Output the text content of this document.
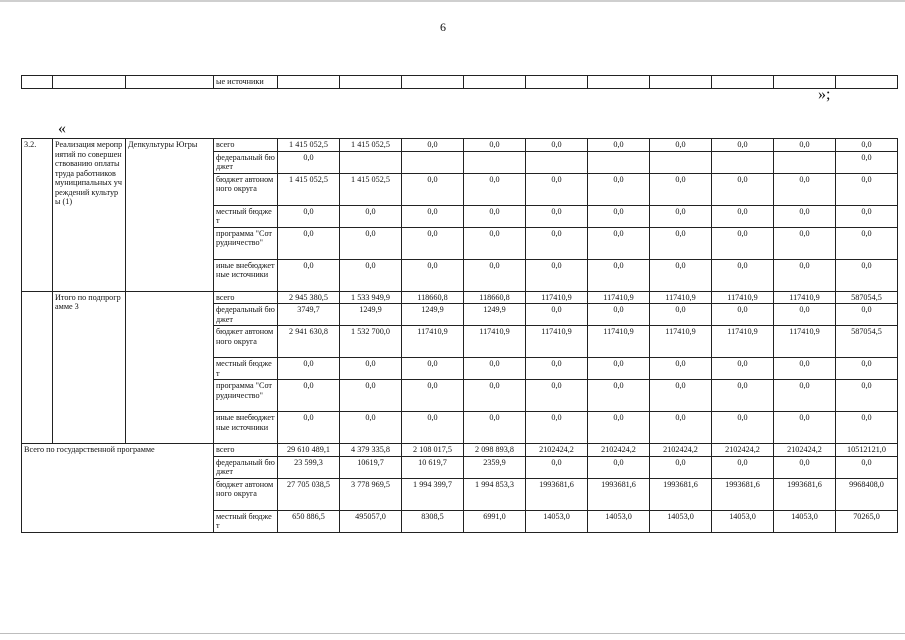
6
			ые источники										
»;
«
3.2.	Реализация мероприятий по совершенствованию оплаты труда работников муниципальных учреждений культуры (1)	Депкультуры Югры	всего	1 415 052,5	1 415 052,5	0,0	0,0	0,0	0,0	0,0	0,0	0,0	0,0
			федеральный бюджет	0,0									0,0
			бюджет автономного округа	1 415 052,5	1 415 052,5	0,0	0,0	0,0	0,0	0,0	0,0	0,0	0,0
			местный бюджет	0,0	0,0	0,0	0,0	0,0	0,0	0,0	0,0	0,0	0,0
			программа "Сотрудничество"	0,0	0,0	0,0	0,0	0,0	0,0	0,0	0,0	0,0	0,0
			иные внебюджетные источники	0,0	0,0	0,0	0,0	0,0	0,0	0,0	0,0	0,0	0,0
	Итого по подпрограмме 3		всего	2 945 380,5	1 533 949,9	118660,8	118660,8	117410,9	117410,9	117410,9	117410,9	117410,9	587054,5
			федеральный бюджет	3749,7	1249,9	1249,9	1249,9	0,0	0,0	0,0	0,0	0,0	0,0
			бюджет автономного округа	2 941 630,8	1 532 700,0	117410,9	117410,9	117410,9	117410,9	117410,9	117410,9	117410,9	587054,5
			местный бюджет	0,0	0,0	0,0	0,0	0,0	0,0	0,0	0,0	0,0	0,0
			программа "Сотрудничество"	0,0	0,0	0,0	0,0	0,0	0,0	0,0	0,0	0,0	0,0
			иные внебюджетные источники	0,0	0,0	0,0	0,0	0,0	0,0	0,0	0,0	0,0	0,0
Всего по государственной программе			всего	29 610 489,1	4 379 335,8	2 108 017,5	2 098 893,8	2102424,2	2102424,2	2102424,2	2102424,2	2102424,2	10512121,0
			федеральный бюджет	23 599,3	10619,7	10 619,7	2359,9	0,0	0,0	0,0	0,0	0,0	0,0
			бюджет автономного округа	27 705 038,5	3 778 969,5	1 994 399,7	1 994 853,3	1993681,6	1993681,6	1993681,6	1993681,6	1993681,6	9968408,0
			местный бюджет	650 886,5	495057,0	8308,5	6991,0	14053,0	14053,0	14053,0	14053,0	14053,0	70265,0
